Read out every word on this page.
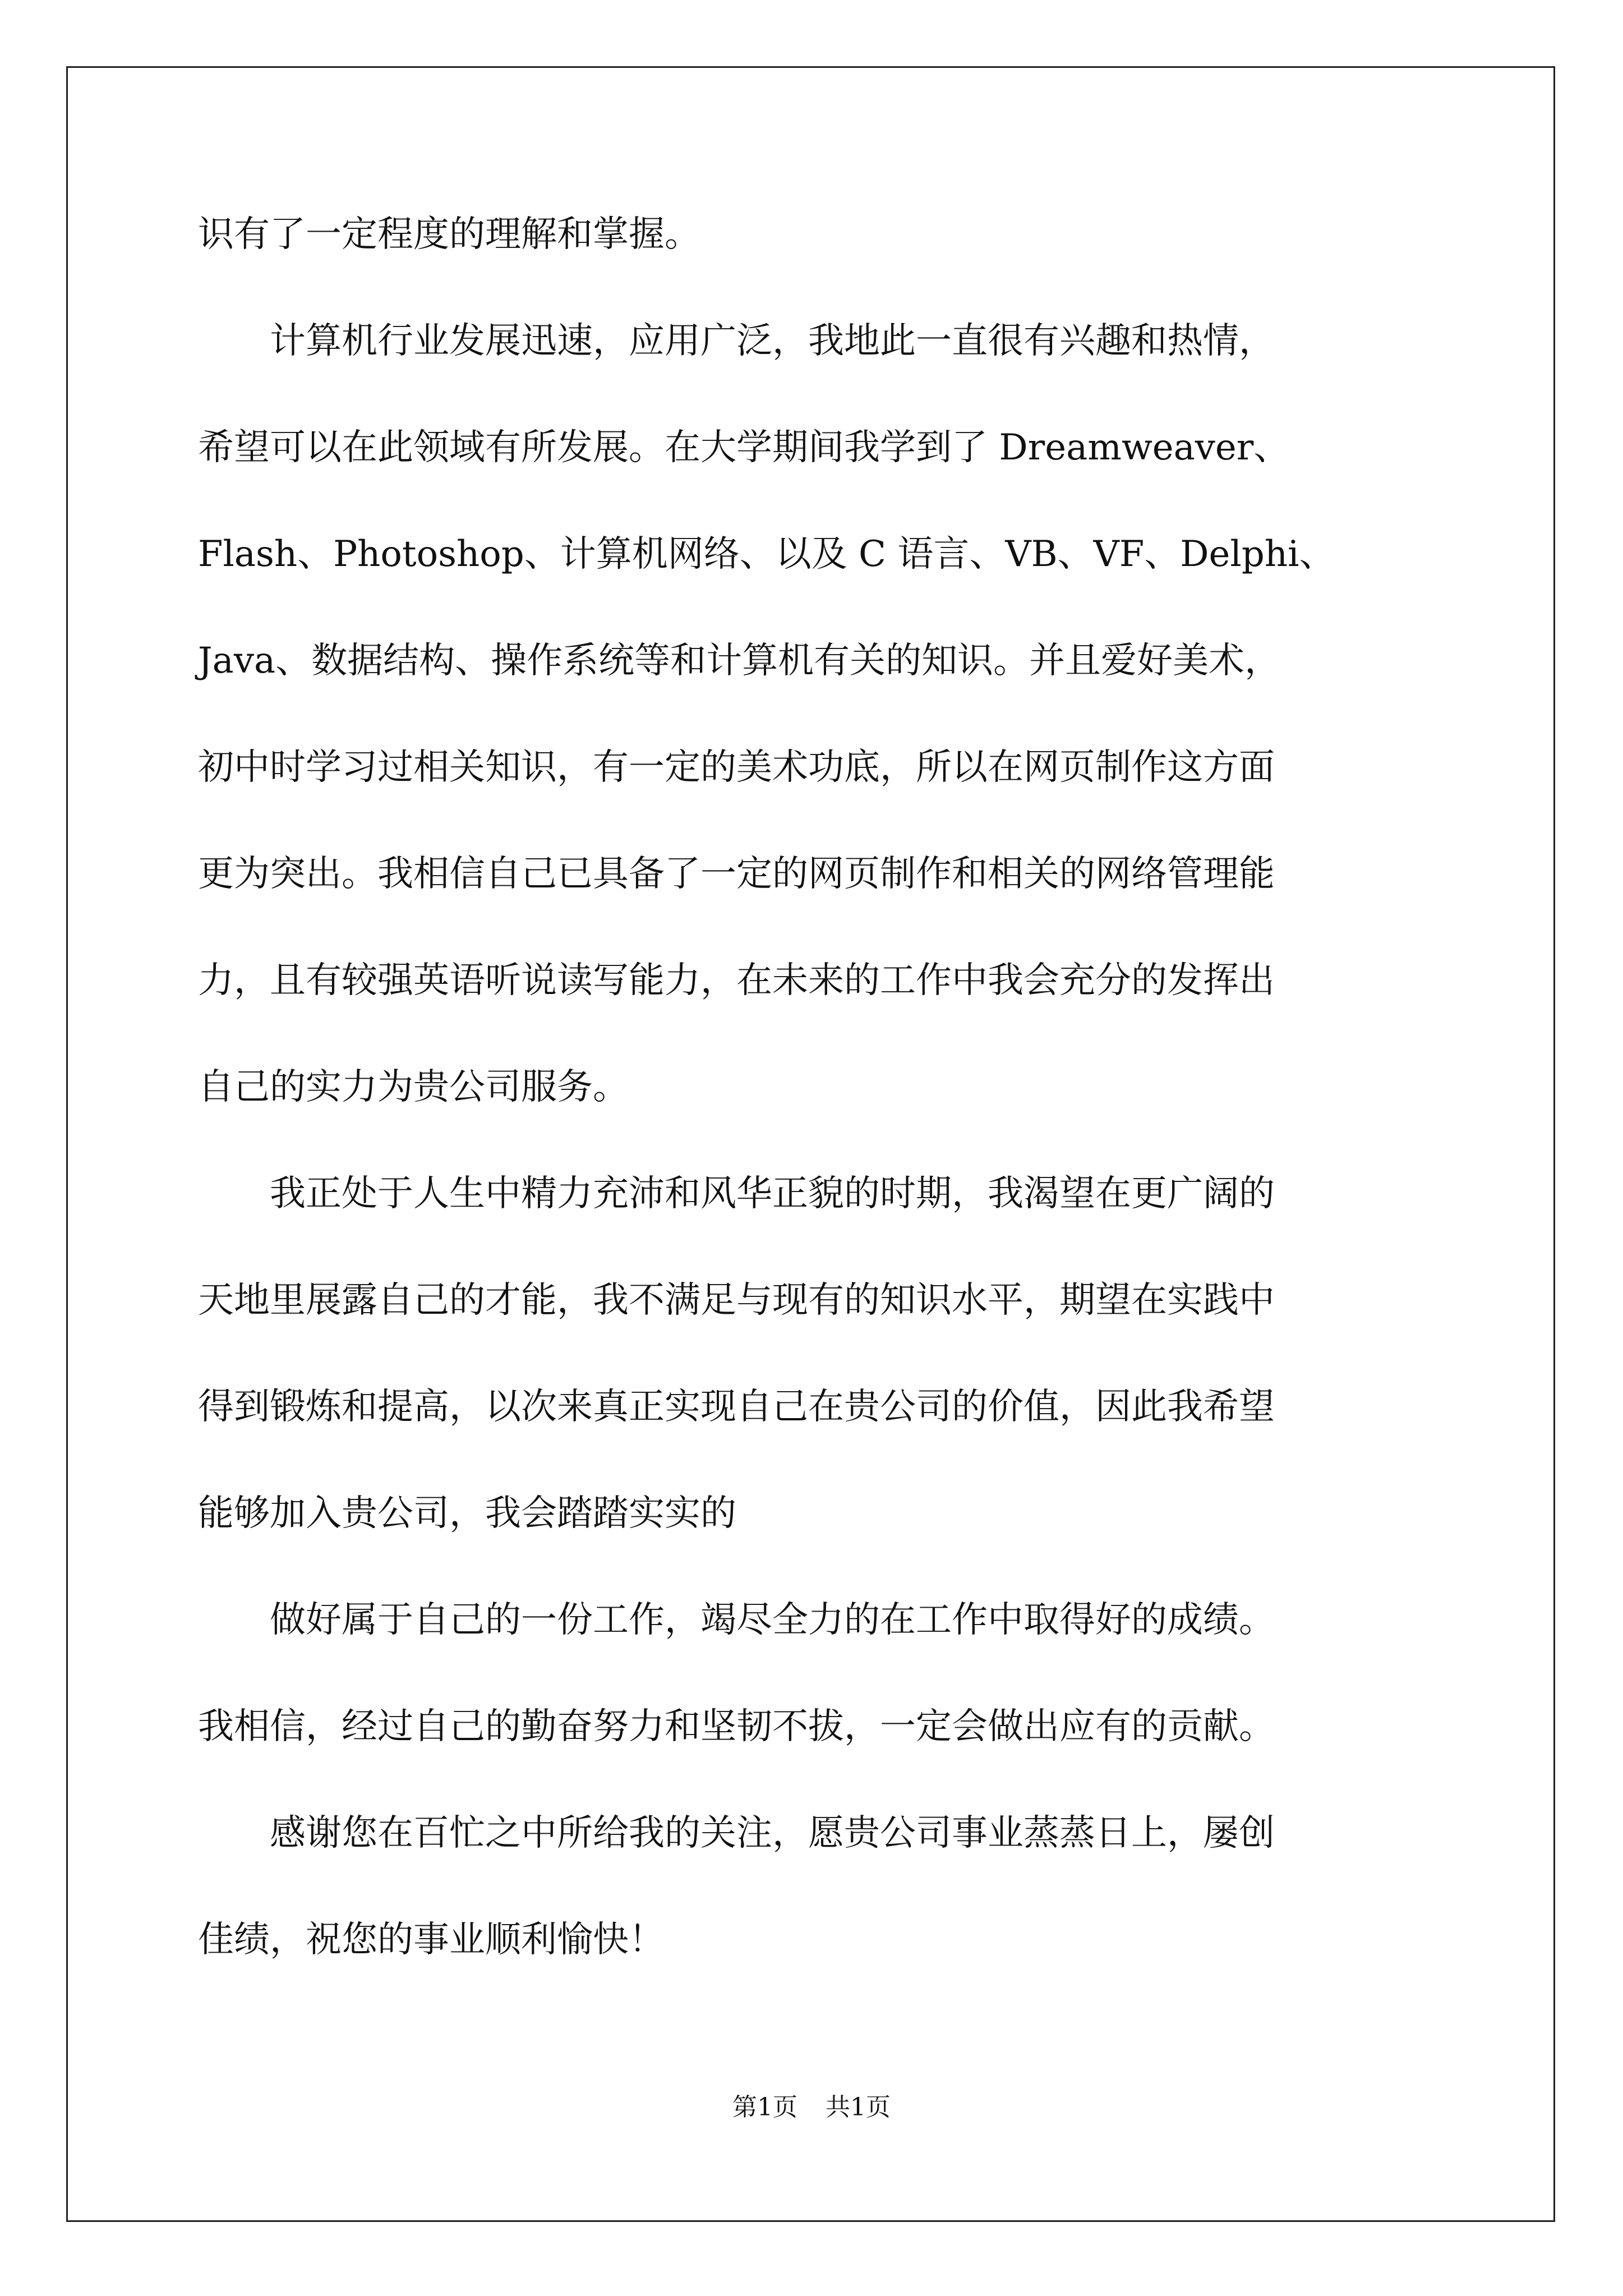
识有了一定程度的理解和掌握。
　　计算机行业发展迅速，应用广泛，我地此一直很有兴趣和热情，
希望可以在此领域有所发展。在大学期间我学到了 Dreamweaver、
Flash、Photoshop、计算机网络、以及 C 语言、VB、VF、Delphi、
Java、数据结构、操作系统等和计算机有关的知识。并且爱好美术，
初中时学习过相关知识，有一定的美术功底，所以在网页制作这方面
更为突出。我相信自己已具备了一定的网页制作和相关的网络管理能
力，且有较强英语听说读写能力，在未来的工作中我会充分的发挥出
自己的实力为贵公司服务。
　　我正处于人生中精力充沛和风华正貌的时期，我渴望在更广阔的
天地里展露自己的才能，我不满足与现有的知识水平，期望在实践中
得到锻炼和提高，以次来真正实现自己在贵公司的价值，因此我希望
能够加入贵公司，我会踏踏实实的
　　做好属于自己的一份工作，竭尽全力的在工作中取得好的成绩。
我相信，经过自己的勤奋努力和坚韧不拔，一定会做出应有的贡献。
　　感谢您在百忙之中所给我的关注，愿贵公司事业蒸蒸日上，屡创
佳绩，祝您的事业顺利愉快！
第1页 共1页
